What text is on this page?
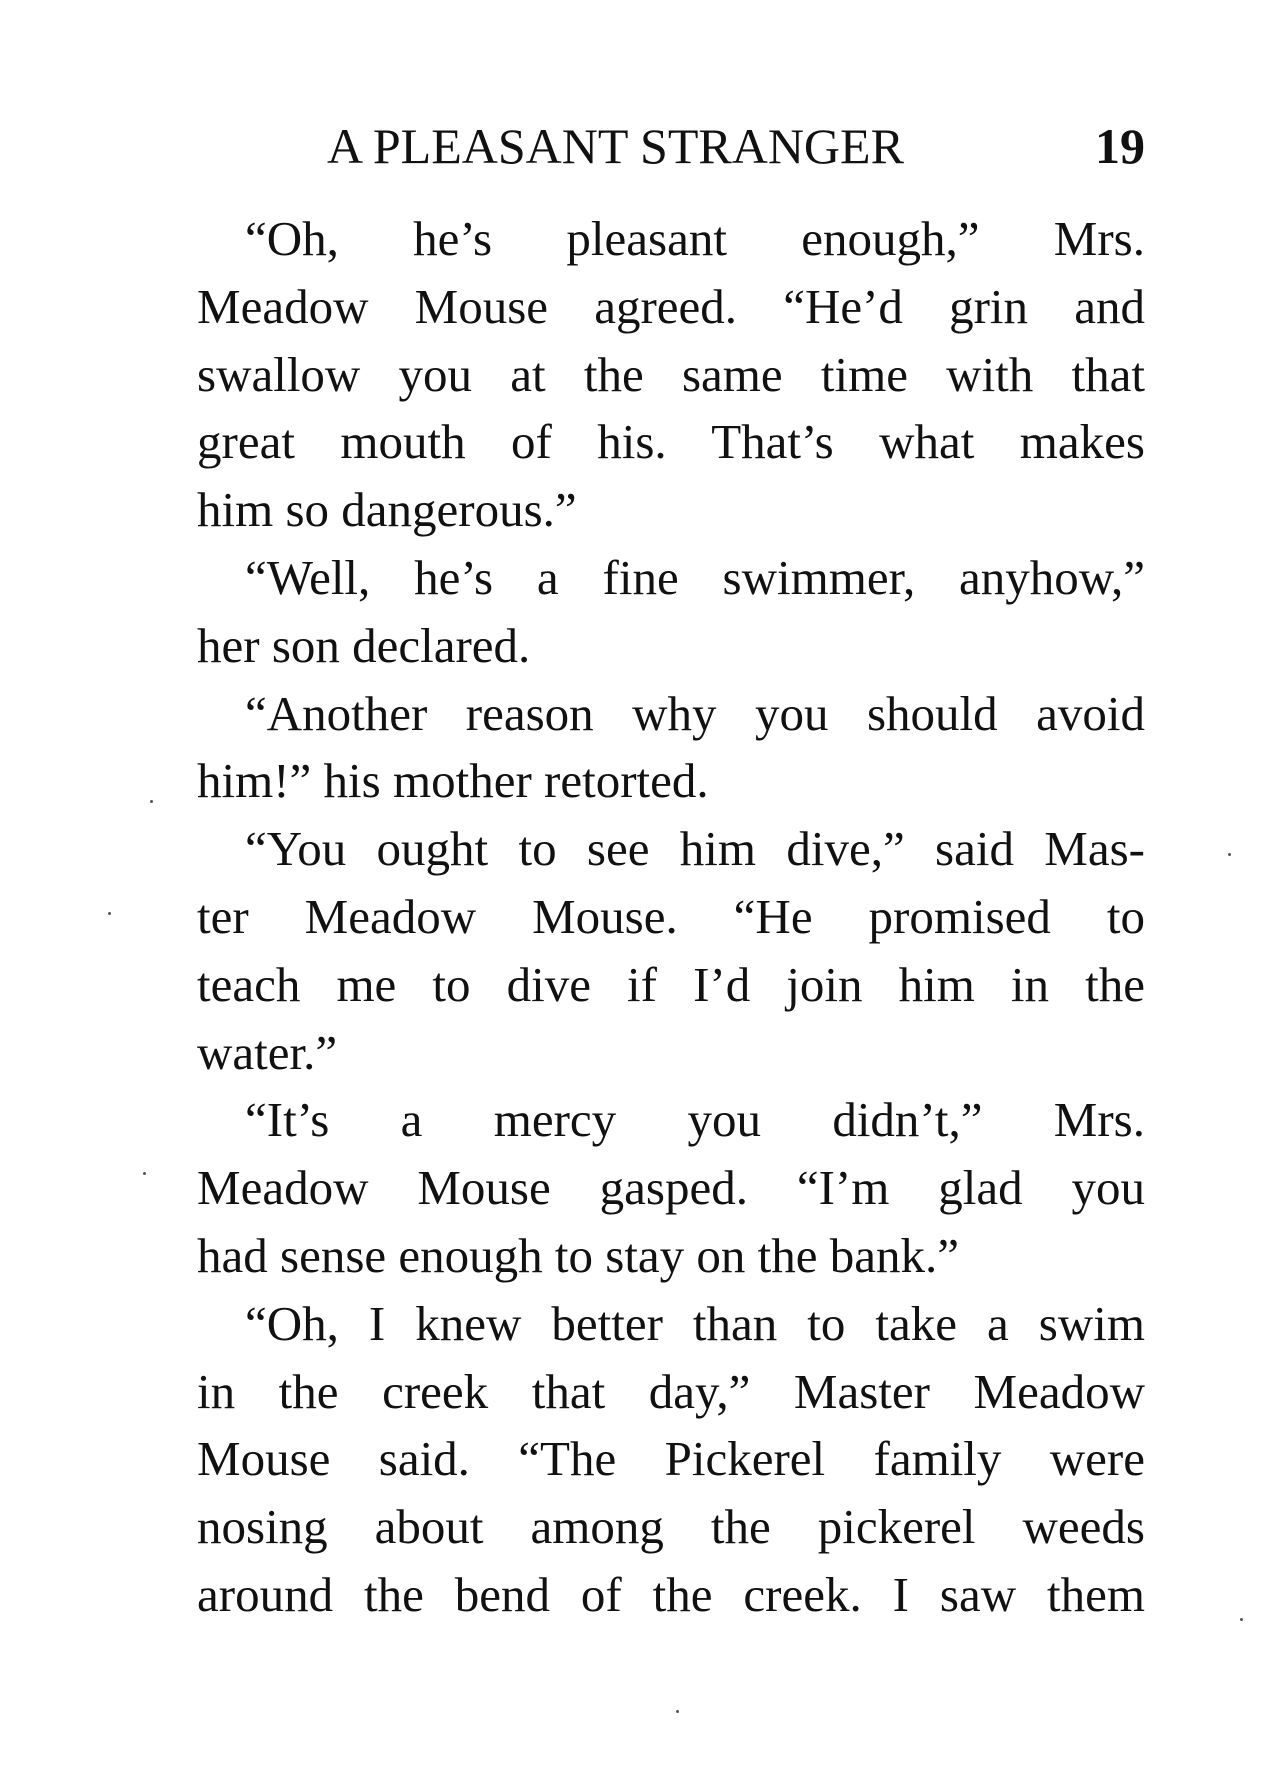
A PLEASANT STRANGER	19
“Oh, he’s pleasant enough,” Mrs.
Meadow Mouse agreed. “He’d grin and
swallow you at the same time with that
great mouth of his. That’s what makes
him so dangerous.”
“Well, he’s a fine swimmer, anyhow,”
her son declared.
“Another reason why you should avoid
him!” his mother retorted.
“You ought to see him dive,” said Mas-
ter Meadow Mouse. “He promised to
teach me to dive if I’d join him in the
water.”
“It’s a mercy you didn’t,” Mrs.
Meadow Mouse gasped. “I’m glad you
had sense enough to stay on the bank.”
“Oh, I knew better than to take a swim
in the creek that day,” Master Meadow
Mouse said. “The Pickerel family were
nosing about among the pickerel weeds
around the bend of the creek. I saw them
